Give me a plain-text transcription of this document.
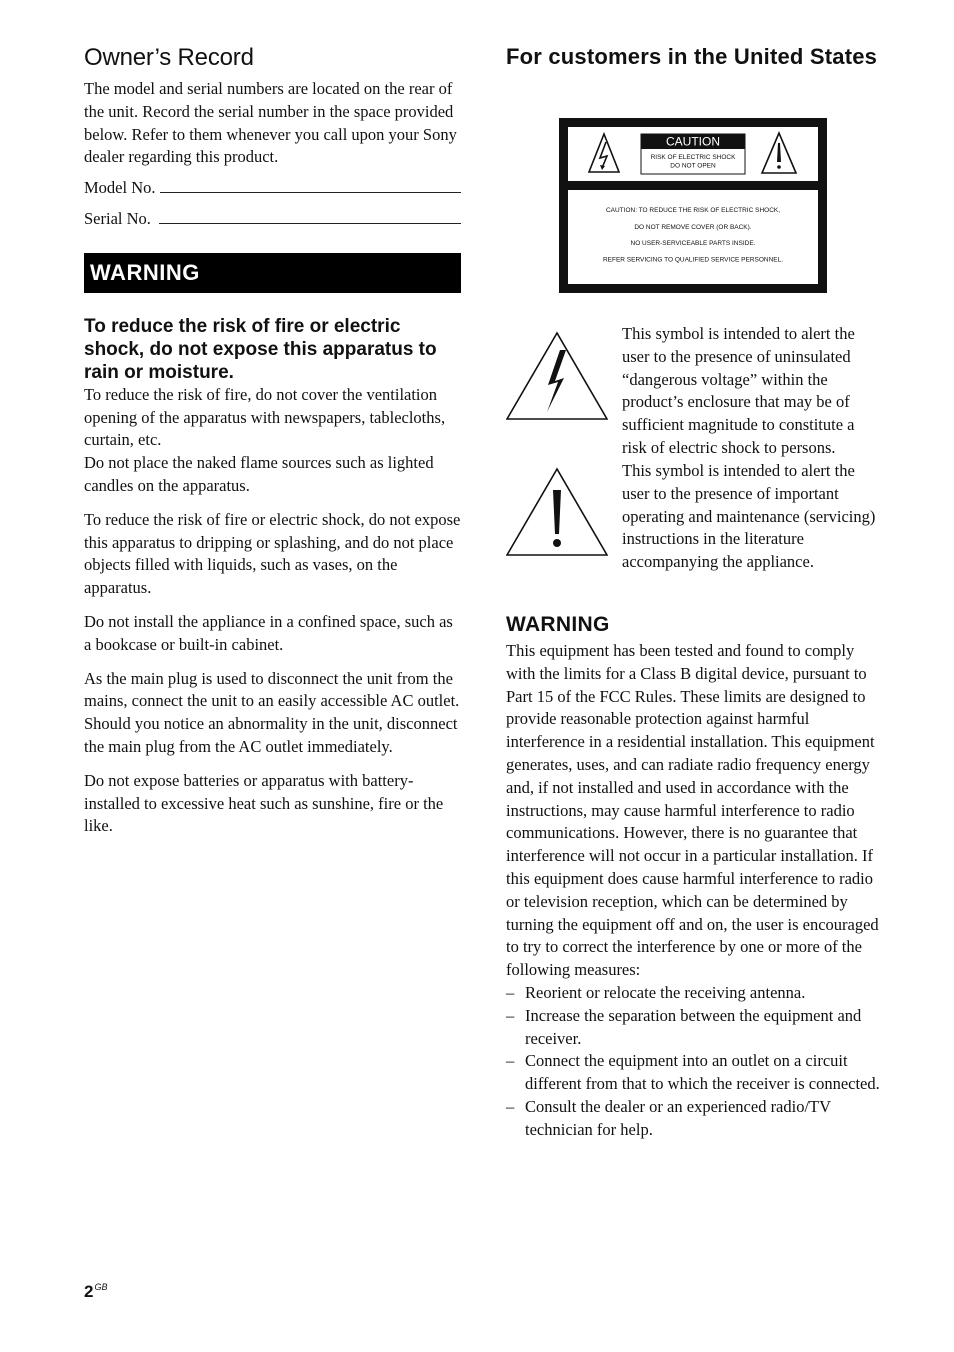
Owner’s Record

The model and serial numbers are located on the rear of the unit. Record the serial number in the space provided below. Refer to them whenever you call upon your Sony dealer regarding this product.

Model No.
Serial No.
WARNING
To reduce the risk of fire or electric shock, do not expose this apparatus to rain or moisture.

To reduce the risk of fire, do not cover the ventilation opening of the apparatus with newspapers, tablecloths, curtain, etc.

Do not place the naked flame sources such as lighted candles on the apparatus.

To reduce the risk of fire or electric shock, do not expose this apparatus to dripping or splashing, and do not place objects filled with liquids, such as vases, on the apparatus.

Do not install the appliance in a confined space, such as a bookcase or built-in cabinet.

As the main plug is used to disconnect the unit from the mains, connect the unit to an easily accessible AC outlet. Should you notice an abnormality in the unit, disconnect the main plug from the AC outlet immediately.

Do not expose batteries or apparatus with battery-installed to excessive heat such as sunshine, fire or the like.

For customers in the United States
CAUTION
RISK OF ELECTRIC SHOCK
DO NOT OPEN
CAUTION: TO REDUCE THE RISK OF ELECTRIC SHOCK,
DO NOT REMOVE COVER (OR BACK).
NO USER-SERVICEABLE PARTS INSIDE.
REFER SERVICING TO QUALIFIED SERVICE PERSONNEL.

This symbol is intended to alert the user to the presence of uninsulated “dangerous voltage” within the product’s enclosure that may be of sufficient magnitude to constitute a risk of electric shock to persons.

This symbol is intended to alert the user to the presence of important operating and maintenance (servicing) instructions in the literature accompanying the appliance.

WARNING

This equipment has been tested and found to comply with the limits for a Class B digital device, pursuant to Part 15 of the FCC Rules. These limits are designed to provide reasonable protection against harmful interference in a residential installation. This equipment generates, uses, and can radiate radio frequency energy and, if not installed and used in accordance with the instructions, may cause harmful interference to radio communications. However, there is no guarantee that interference will not occur in a particular installation. If this equipment does cause harmful interference to radio or television reception, which can be determined by turning the equipment off and on, the user is encouraged to try to correct the interference by one or more of the following measures:

– Reorient or relocate the receiving antenna.
– Increase the separation between the equipment and receiver.
– Connect the equipment into an outlet on a circuit different from that to which the receiver is connected.
– Consult the dealer or an experienced radio/TV technician for help.
$2^{GB}$
